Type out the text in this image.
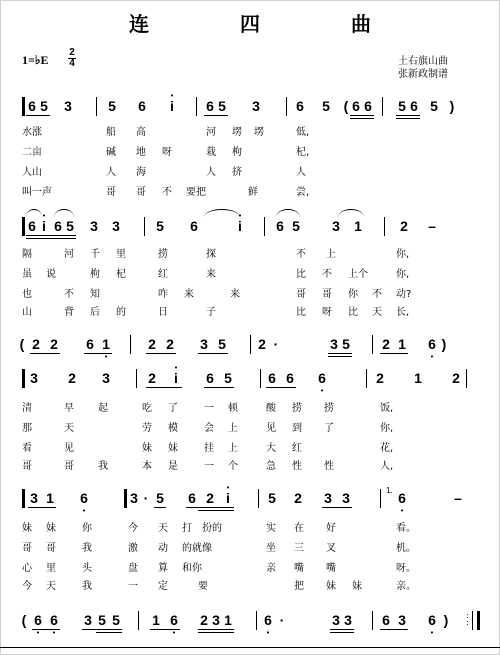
连 四 曲
1=♭E
2
4	土右旗山曲
张新政制谱
6 5 3	5 6 • i 6 5 3	6 5 ( 6 6 5 6 5 )
水涨	船 高	河 塄 塄	低,
二亩	碱 地 呀	栽 枸	杞,
人山	人 海	人 挤	人
叫一声	哥 哥 不 要把	鲜	尝,
6 • i 6 5 3 3	5 6	• i 6 5 3 1	2 –
隔	河 千 里	捞	探	不 上	你,
虽 说	枸 杞	红	来	比 不 上个	你,
也	不 知	咋 来	来	哥 哥 你 不 动?
山	背 后 的	日	子	比 呀 比 天 长,
( 2 2 6 1 •	2 2 3 5 2 ·	3 5 2 1 6 • )
3 2 3	2 • i 6 5	6 6 6 •	2 1 2
清	早 起	吃 了	一 顿	酸 捞 捞	饭,
那	天	劳 模	会 上	见 到 了	你,
看	见	妹 妹	挂 上	大 红	花,
哥	哥 我	本 是	一 个	急 性 性	人,
3 1 6 •	3 · 5 6 2 • i	5 2 3 3	1. 6 •	–
妹 妹	你	今 天 打 扮的	实 在 好	看。
哥 哥	我	激 动 的就像	坐 三 叉	机。
心 里	头	盘 算 和你	亲 嘴 嘴	呀。
今 天	我	一 定	要	把 妹 妹	亲。
( 6 • 6 • 3 5 5 1 6 • 2 3 1 6 • ·	3 3 6 3 6 • )	:
:
